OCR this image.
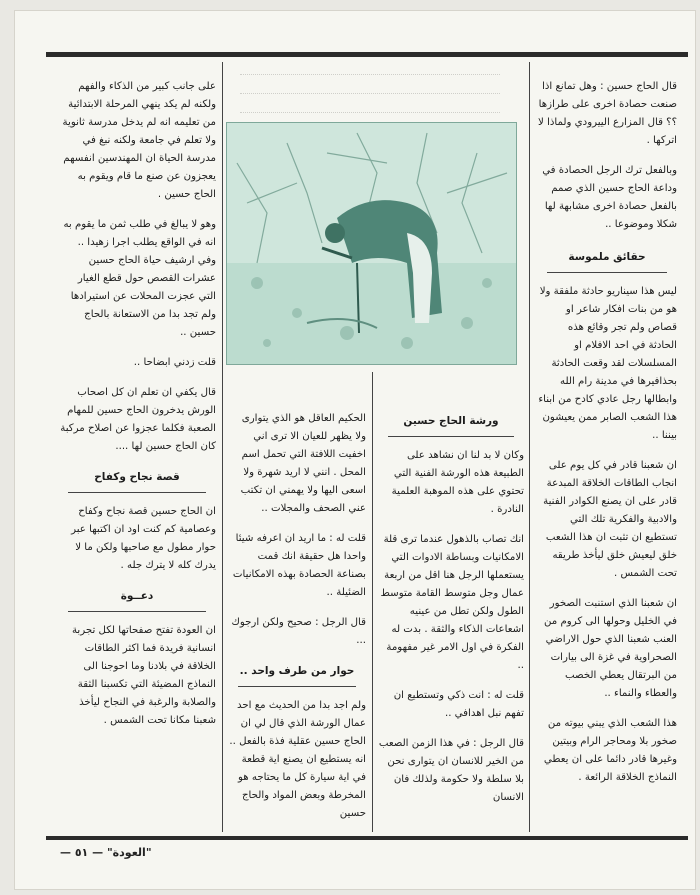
قال الحاج حسين : وهل تمانع اذا صنعت حصادة اخرى على طرازها ؟؟ قال المزارع الييرودي ولماذا لا اتركها .

وبالفعل ترك الرجل الحصادة في وداعة الحاج حسين الذي صمم بالفعل حصادة اخرى مشابهة لها شكلا وموضوعا ..

حقائق ملموسة

ليس هذا سيناريو حادثة ملفقة ولا هو من بنات افكار شاعر او قصاص ولم تجر وقائع هذه الحادثة في احد الافلام او المسلسلات لقد وقعت الحادثة بحذافيرها في مدينة رام الله وابطالها رجل عادي كادح من ابناء هذا الشعب الصابر ممن يعيشون بيننا ..

ان شعبنا قادر في كل يوم على انجاب الطاقات الخلاقة المبدعة قادر على ان يصنع الكوادر الفنية والادبية والفكرية تلك التي تستطيع ان تثبت ان هذا الشعب خلق ليعيش خلق ليأخذ طريقه تحت الشمس .

ان شعبنا الذي استنبت الصخور في الخليل وحولها الى كروم من العنب شعبنا الذي حول الاراضي الصحراوية في غزة الى بيارات من البرتقال يعطي الخصب والعطاء والنماء ..

هذا الشعب الذي يبني بيوته من صخور بلا ومحاجر الرام وبيتين وغيرها قادر دائما على ان يعطي النماذج الخلاقة الرائعة .

ورشة الحاج حسين

وكان لا بد لنا ان نشاهد على الطبيعة هذه الورشة الفنية التي تحتوي على هذه الموهبة العلمية النادرة .

انك تصاب بالذهول عندما ترى قلة الامكانيات وبساطة الادوات التي يستعملها الرجل هنا اقل من اربعة عمال وجل متوسط القامة متوسط الطول ولكن تطل من عينيه اشعاعات الذكاء والثقة . بدت له الفكرة في اول الامر غير مفهومة ..

قلت له : انت ذكي وتستطيع ان تفهم نبل اهدافي ..

قال الرجل : في هذا الزمن الصعب من الخير للانسان ان يتوارى نحن بلا سلطة ولا حكومة ولذلك فان الانسان

الحكيم العاقل هو الذي يتوارى ولا يظهر للعيان الا ترى اني اخفيت اللافتة التي تحمل اسم المحل . انني لا اريد شهرة ولا اسعى اليها ولا يهمني ان تكتب عني الصحف والمجلات ..

قلت له : ما اريد ان اعرفه شيئا واحدا هل حقيقة انك قمت بصناعة الحصادة بهذه الامكانيات الضئيلة ..

قال الرجل : صحيح ولكن ارجوك ...

حوار من طرف واحد ..

ولم اجد بدا من الحديث مع احد عمال الورشة الذي قال لي ان الحاج حسين عقلية فذة بالفعل .. انه يستطيع ان يصنع اية قطعة في اية سيارة كل ما يحتاجه هو المخرطة وبعض المواد والحاج حسين

على جانب كبير من الذكاء والفهم ولكنه لم يكد ينهي المرحلة الابتدائية من تعليمه انه لم يدخل مدرسة ثانوية ولا تعلم في جامعة ولكنه نبغ في مدرسة الحياة ان المهندسين انفسهم يعجزون عن صنع ما قام ويقوم به الحاج حسين .

وهو لا يبالغ في طلب ثمن ما يقوم به انه في الواقع يطلب اجرا زهيدا .. وفي ارشيف حياة الحاج حسين عشرات القصص حول قطع الغيار التي عجزت المحلات عن استيرادها ولم تجد بدا من الاستعانة بالحاج حسين ..

قلت زدني ابضاحا ..

قال يكفي ان تعلم ان كل اصحاب الورش يدخرون الحاج حسين للمهام الصعبة فكلما عجزوا عن اصلاح مركبة كان الحاج حسين لها ....

قصة نجاح وكفاح

ان الحاج حسين قصة نجاح وكفاح وعصامية كم كنت اود ان اكتبها عبر حوار مطول مع صاحبها ولكن ما لا يدرك كله لا يترك جله .

دعــوة

ان العودة تفتح صفحاتها لكل تجربة انسانية فريدة فما اكثر الطاقات الخلاقة في بلادنا وما احوجنا الى النماذج المضيئة التي تكسبنا الثقة والصلابة والرغبة في النجاح ليأخذ شعبنا مكانا تحت الشمس .

"العودة" — ٥١ —
